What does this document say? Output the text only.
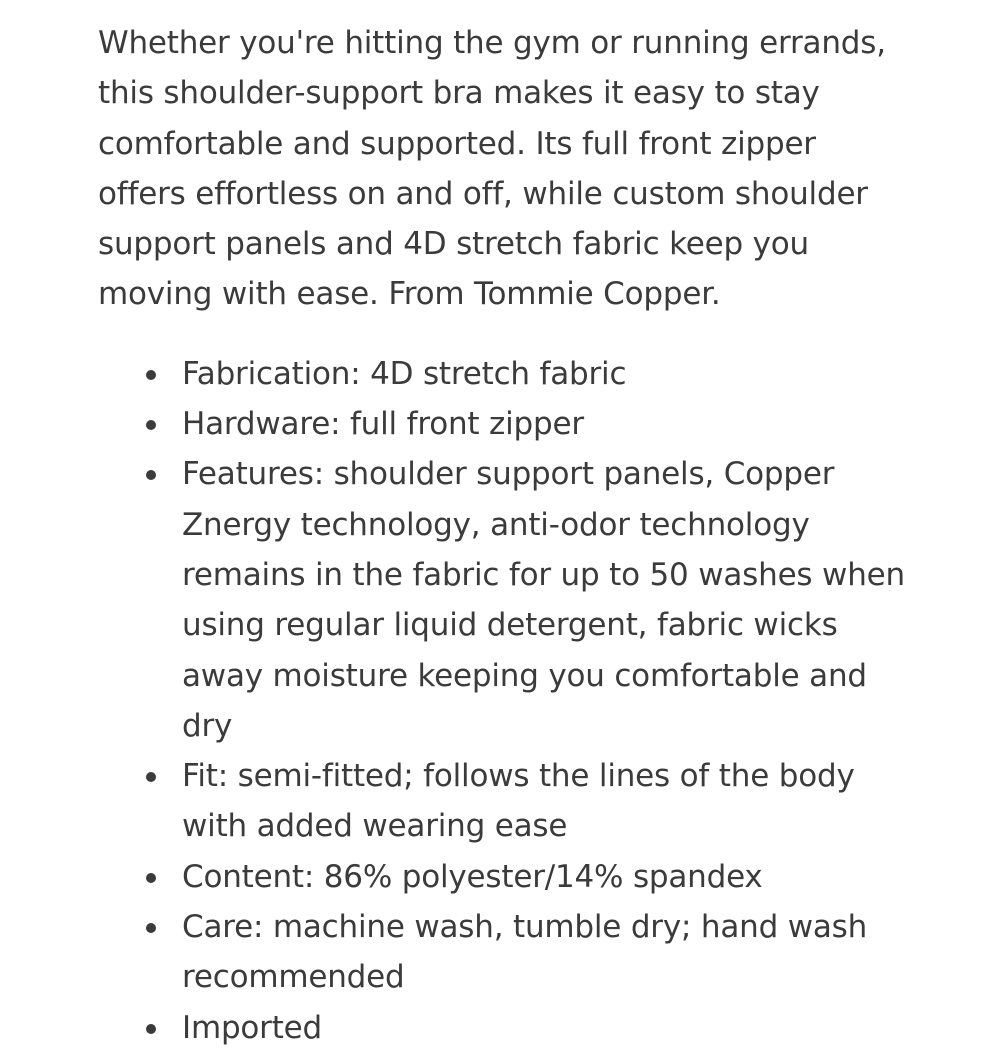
Whether you're hitting the gym or running errands, this shoulder-support bra makes it easy to stay comfortable and supported. Its full front zipper offers effortless on and off, while custom shoulder support panels and 4D stretch fabric keep you moving with ease. From Tommie Copper.

Fabrication: 4D stretch fabric
Hardware: full front zipper
Features: shoulder support panels, Copper Znergy technology, anti-odor technology remains in the fabric for up to 50 washes when using regular liquid detergent, fabric wicks away moisture keeping you comfortable and dry
Fit: semi-fitted; follows the lines of the body with added wearing ease
Content: 86% polyester/14% spandex
Care: machine wash, tumble dry; hand wash recommended
Imported
